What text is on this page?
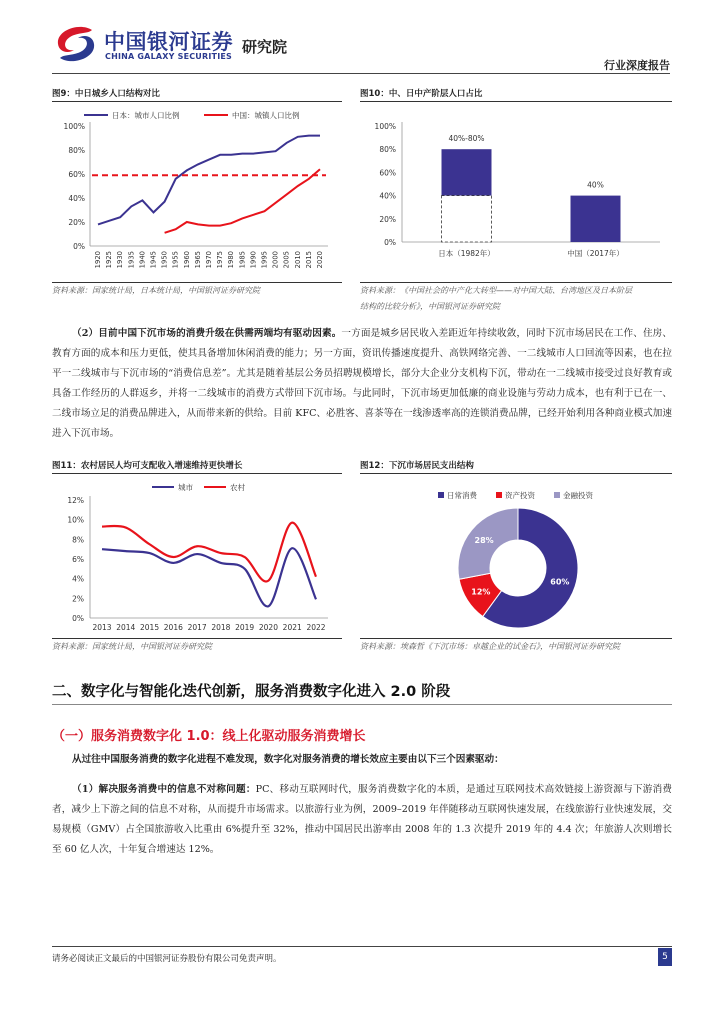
中国银河证券
CHINA GALAXY SECURITIES
研究院
行业深度报告
图9：中日城乡人口结构对比
0%
20%
40%
60%
80%
100%
1920 1925 1930 1935 1940 1945 1950 1955 1960 1965 1970 1975 1980 1985 1990 1995 2000 2005 2010 2015 2020
日本：城市人口比例	中国：城镇人口比例
资料来源：国家统计局，日本统计局，中国银河证券研究院
图10：中、日中产阶层人口占比
0%
20%
40%
60%
80%
100%
40%-80%
日本（1982年）
40%
中国（2017年）
资料来源：《中国社会的中产化大转型——对中国大陆、台湾地区及日本阶层
结构的比较分析》，中国银河证券研究院
（2）目前中国下沉市场的消费升级在供需两端均有驱动因素。一方面是城乡居民收入差距近年持续收敛，同时下沉市场居民在工作、住房、教育方面的成本和压力更低，使其具备增加休闲消费的能力；另一方面，资讯传播速度提升、高铁网络完善、一二线城市人口回流等因素，也在拉平一二线城市与下沉市场的“消费信息差”。尤其是随着基层公务员招聘规模增长，部分大企业分支机构下沉，带动在一二线城市接受过良好教育或具备工作经历的人群返乡，并将一二线城市的消费方式带回下沉市场。与此同时，下沉市场更加低廉的商业设施与劳动力成本，也有利于已在一、二线市场立足的消费品牌进入，从而带来新的供给。目前 KFC、必胜客、喜茶等在一线渗透率高的连锁消费品牌，已经开始利用各种商业模式加速进入下沉市场。
图11：农村居民人均可支配收入增速维持更快增长
0%
2%
4%
6%
8%
10%
12%
2013 2014 2015 2016 2017 2018 2019 2020 2021 2022
城市	农村
资料来源：国家统计局，中国银河证券研究院
图12：下沉市场居民支出结构
60%
日常消费
12%
资产投资
28%
金融投资
资料来源：埃森哲《下沉市场：卓越企业的试金石》，中国银河证券研究院
二、数字化与智能化迭代创新，服务消费数字化进入 2.0 阶段
（一）服务消费数字化 1.0：线上化驱动服务消费增长
从过往中国服务消费的数字化进程不难发现，数字化对服务消费的增长效应主要由以下三个因素驱动：
（1）解决服务消费中的信息不对称问题：PC、移动互联网时代，服务消费数字化的本质，是通过互联网技术高效链接上游资源与下游消费者，减少上下游之间的信息不对称，从而提升市场需求。以旅游行业为例，2009–2019 年伴随移动互联网快速发展，在线旅游行业快速发展，交易规模（GMV）占全国旅游收入比重由 6%提升至 32%，推动中国居民出游率由 2008 年的 1.3 次提升 2019 年的 4.4 次；年旅游人次则增长至 60 亿人次，十年复合增速达 12%。
请务必阅读正文最后的中国银河证券股份有限公司免责声明。	5
